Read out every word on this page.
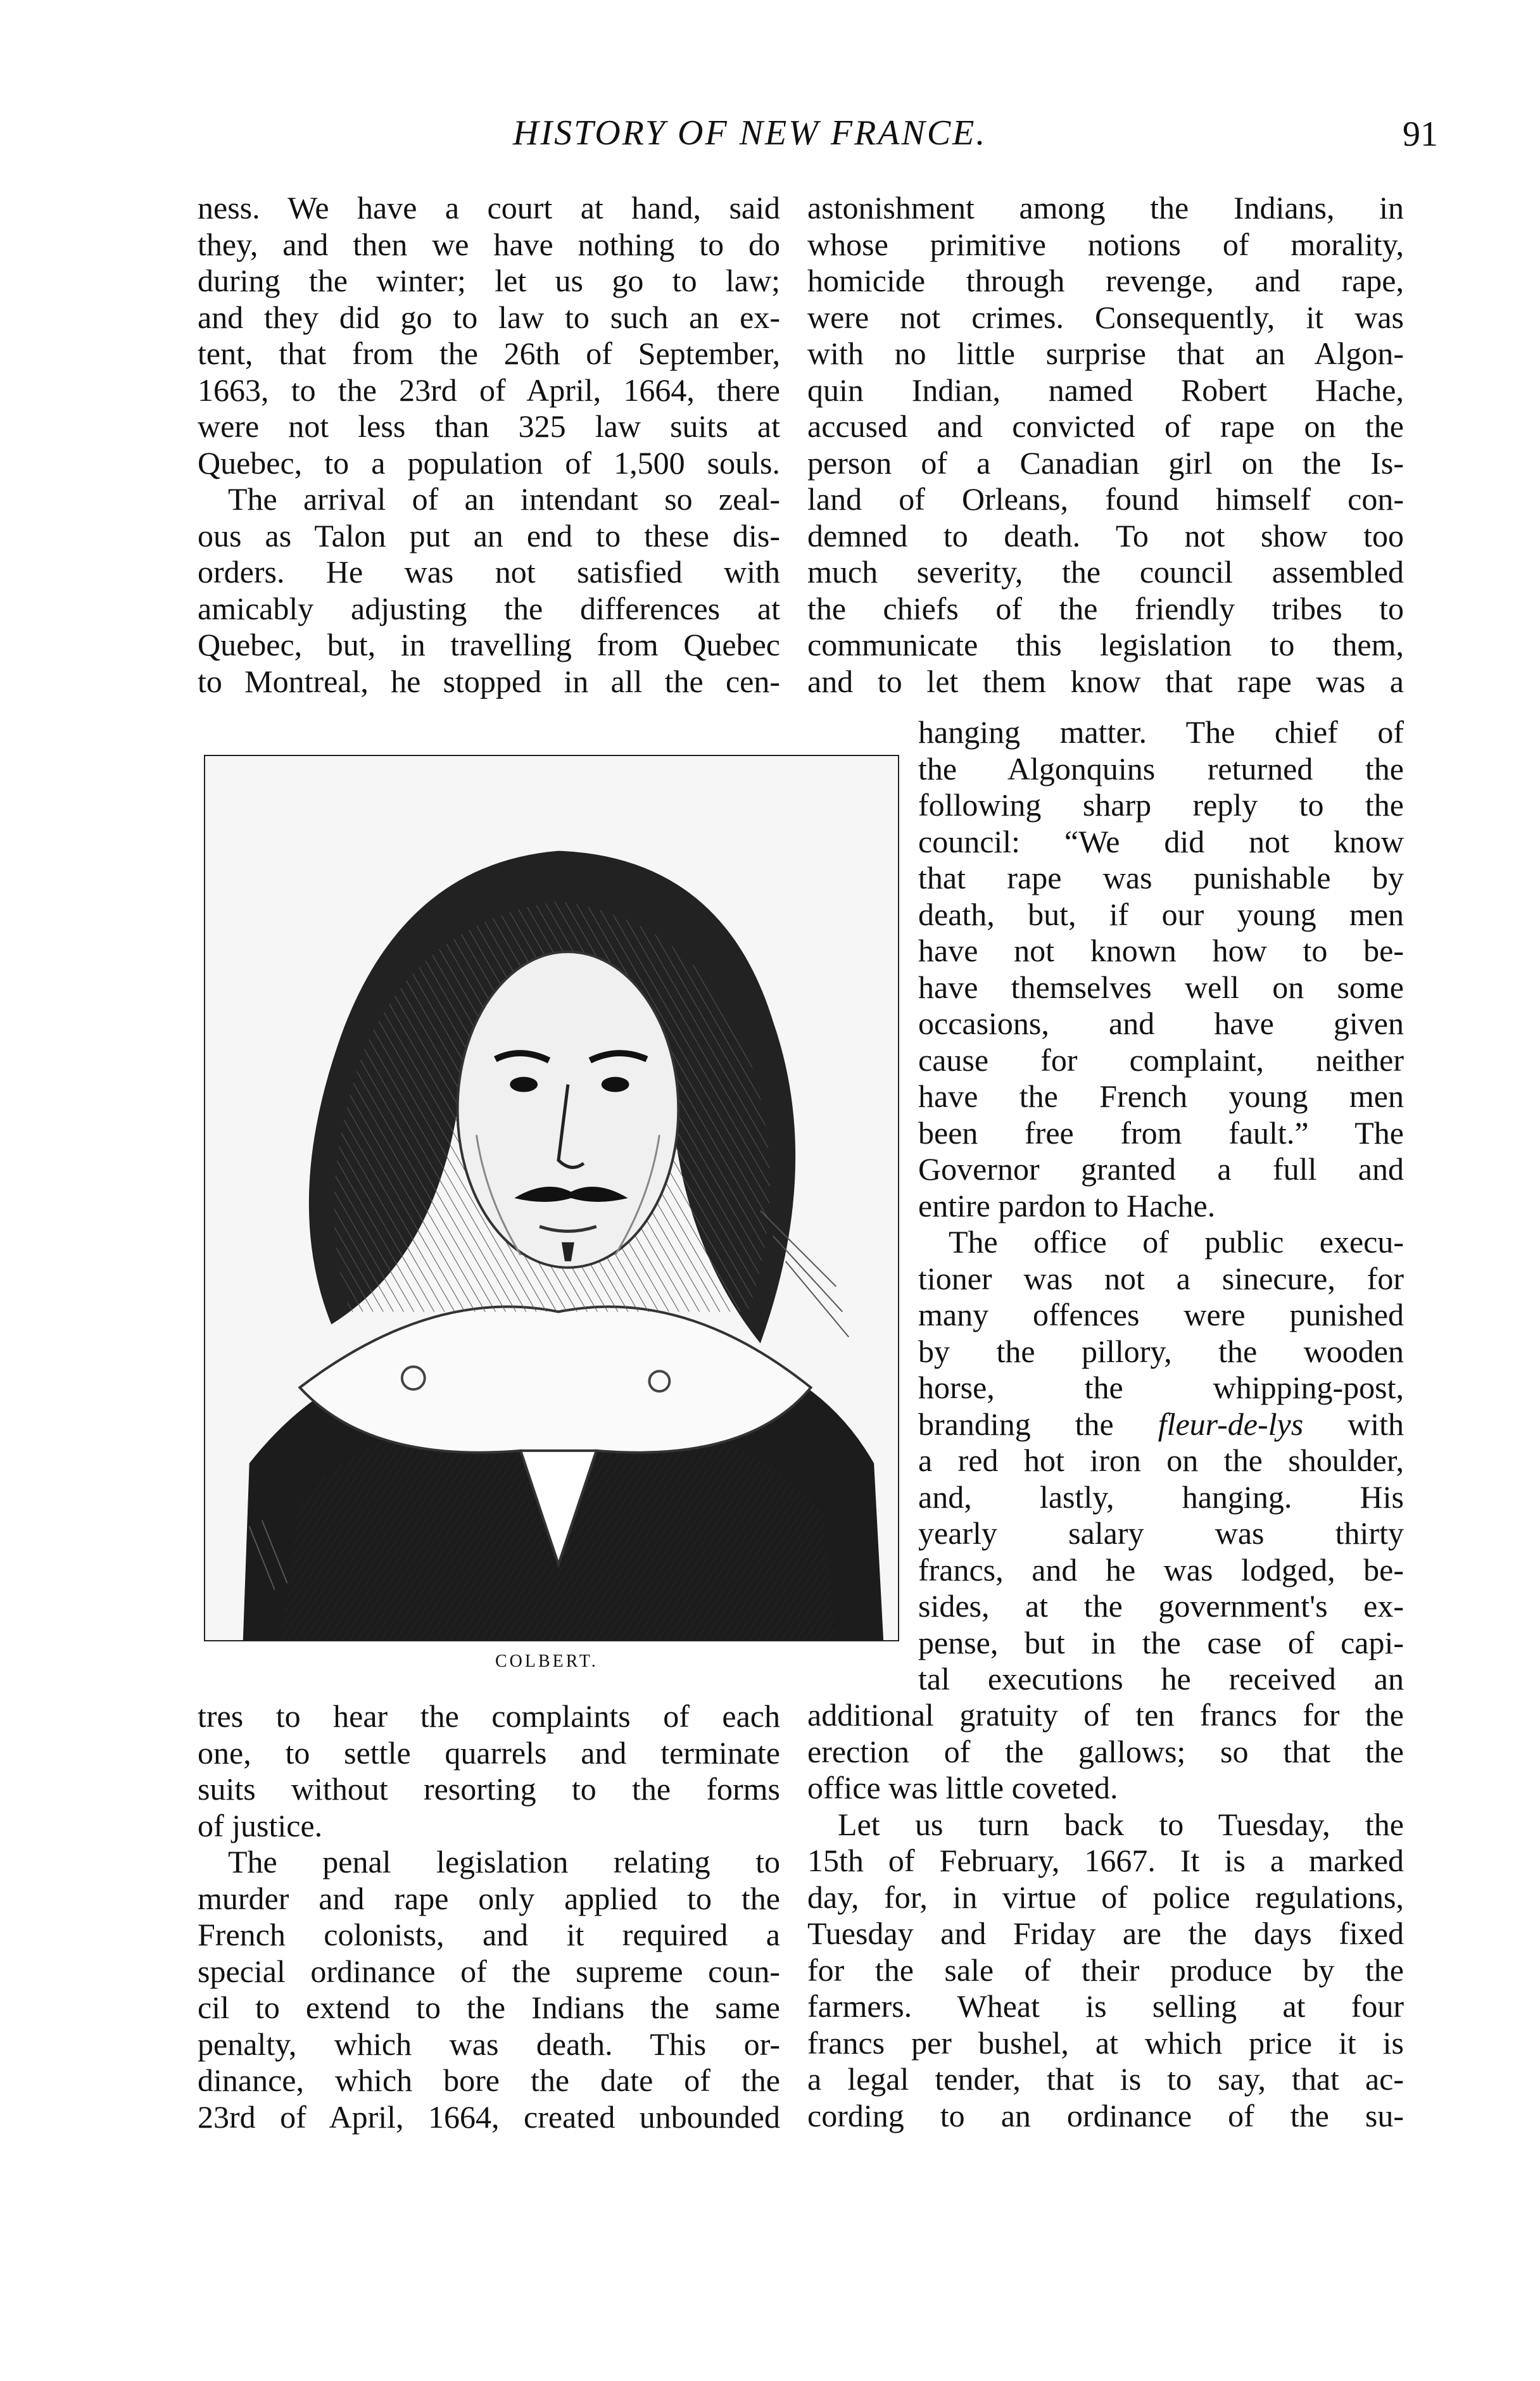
HISTORY OF NEW FRANCE.	91

ness. We have a court at hand, said

they, and then we have nothing to do

during the winter; let us go to law;

and they did go to law to such an ex-

tent, that from the 26th of September,

1663, to the 23rd of April, 1664, there

were not less than 325 law suits at

Quebec, to a population of 1,500 souls.

The arrival of an intendant so zeal-

ous as Talon put an end to these dis-

orders. He was not satisfied with

amicably adjusting the differences at

Quebec, but, in travelling from Quebec

to Montreal, he stopped in all the cen-

COLBERT.

tres to hear the complaints of each

one, to settle quarrels and terminate

suits without resorting to the forms

of justice.

The penal legislation relating to

murder and rape only applied to the

French colonists, and it required a

special ordinance of the supreme coun-

cil to extend to the Indians the same

penalty, which was death. This or-

dinance, which bore the date of the

23rd of April, 1664, created unbounded

astonishment among the Indians, in

whose primitive notions of morality,

homicide through revenge, and rape,

were not crimes. Consequently, it was

with no little surprise that an Algon-

quin Indian, named Robert Hache,

accused and convicted of rape on the

person of a Canadian girl on the Is-

land of Orleans, found himself con-

demned to death. To not show too

much severity, the council assembled

the chiefs of the friendly tribes to

communicate this legislation to them,

and to let them know that rape was a

hanging matter. The chief of

the Algonquins returned the

following sharp reply to the

council: “We did not know

that rape was punishable by

death, but, if our young men

have not known how to be-

have themselves well on some

occasions, and have given

cause for complaint, neither

have the French young men

been free from fault.” The

Governor granted a full and

entire pardon to Hache.

The office of public execu-

tioner was not a sinecure, for

many offences were punished

by the pillory, the wooden

horse, the whipping-post,

branding the fleur-de-lys with

a red hot iron on the shoulder,

and, lastly, hanging. His

yearly salary was thirty

francs, and he was lodged, be-

sides, at the government's ex-

pense, but in the case of capi-

tal executions he received an

additional gratuity of ten francs for the

erection of the gallows; so that the

office was little coveted.

Let us turn back to Tuesday, the

15th of February, 1667. It is a marked

day, for, in virtue of police regulations,

Tuesday and Friday are the days fixed

for the sale of their produce by the

farmers. Wheat is selling at four

francs per bushel, at which price it is

a legal tender, that is to say, that ac-

cording to an ordinance of the su-
